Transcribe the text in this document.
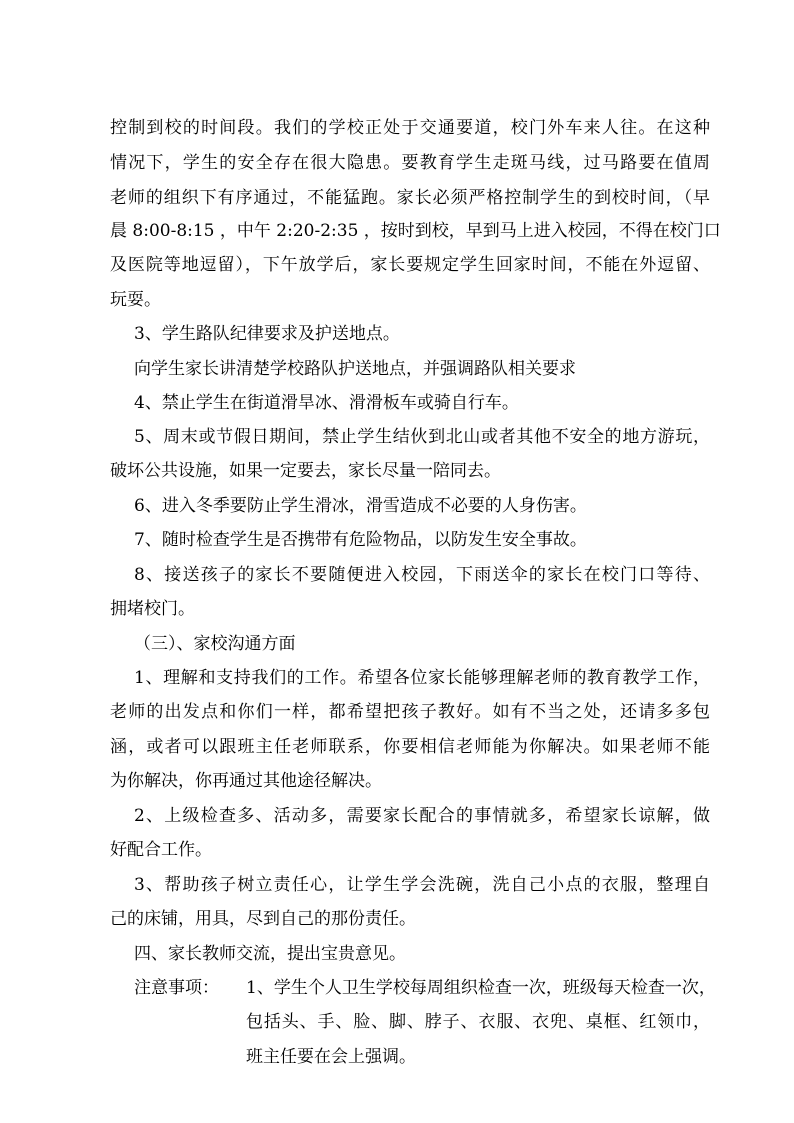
控制到校的时间段。我们的学校正处于交通要道，校门外车来人往。在这种
情况下，学生的安全存在很大隐患。要教育学生走斑马线，过马路要在值周
老师的组织下有序通过，不能猛跑。家长必须严格控制学生的到校时间，（早
晨 8:00-8:15 ，中午 2:20-2:35 ，按时到校，早到马上进入校园，不得在校门口
及医院等地逗留），下午放学后，家长要规定学生回家时间，不能在外逗留、
玩耍。
3、学生路队纪律要求及护送地点。
向学生家长讲清楚学校路队护送地点，并强调路队相关要求
4、禁止学生在街道滑旱冰、滑滑板车或骑自行车。
5、周末或节假日期间，禁止学生结伙到北山或者其他不安全的地方游玩，
破坏公共设施，如果一定要去，家长尽量一陪同去。
6、进入冬季要防止学生滑冰，滑雪造成不必要的人身伤害。
7、随时检查学生是否携带有危险物品，以防发生安全事故。
8、接送孩子的家长不要随便进入校园，下雨送伞的家长在校门口等待、
拥堵校门。
（三）、家校沟通方面
1、理解和支持我们的工作。希望各位家长能够理解老师的教育教学工作，
老师的出发点和你们一样，都希望把孩子教好。如有不当之处，还请多多包
涵，或者可以跟班主任老师联系，你要相信老师能为你解决。如果老师不能
为你解决，你再通过其他途径解决。
2、上级检查多、活动多，需要家长配合的事情就多，希望家长谅解，做
好配合工作。
3、帮助孩子树立责任心，让学生学会洗碗，洗自己小点的衣服，整理自
己的床铺，用具，尽到自己的那份责任。
四、家长教师交流，提出宝贵意见。
注意事项： 1、学生个人卫生学校每周组织检查一次，班级每天检查一次，
包括头、手、脸、脚、脖子、衣服、衣兜、桌框、红领巾，
班主任要在会上强调。
